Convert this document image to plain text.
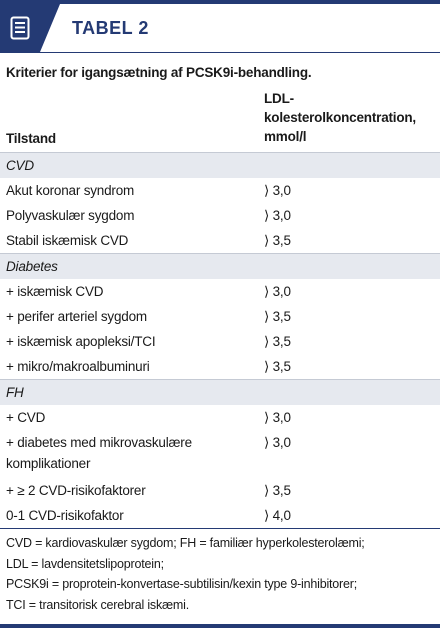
TABEL 2
Kriterier for igangsætning af PCSK9i-behandling.
Tilstand	LDL-kolesterolkoncentration, mmol/l
CVD	
Akut koronar syndrom	⟩ 3,0
Polyvaskulær sygdom	⟩ 3,0
Stabil iskæmisk CVD	⟩ 3,5
Diabetes	
+ iskæmisk CVD	⟩ 3,0
+ perifer arteriel sygdom	⟩ 3,5
+ iskæmisk apopleksi/TCI	⟩ 3,5
+ mikro/makroalbuminuri	⟩ 3,5
FH	
+ CVD	⟩ 3,0
+ diabetes med mikrovaskulære komplikationer	⟩ 3,0
+ ≥ 2 CVD-risikofaktorer	⟩ 3,5
0-1 CVD-risikofaktor	⟩ 4,0
CVD = kardiovaskulær sygdom; FH = familiær hyperkolesterolæmi;
LDL = lavdensitetslipoprotein;
PCSK9i = proprotein-konvertase-subtilisin/kexin type 9-inhibitorer;
TCI = transitorisk cerebral iskæmi.
